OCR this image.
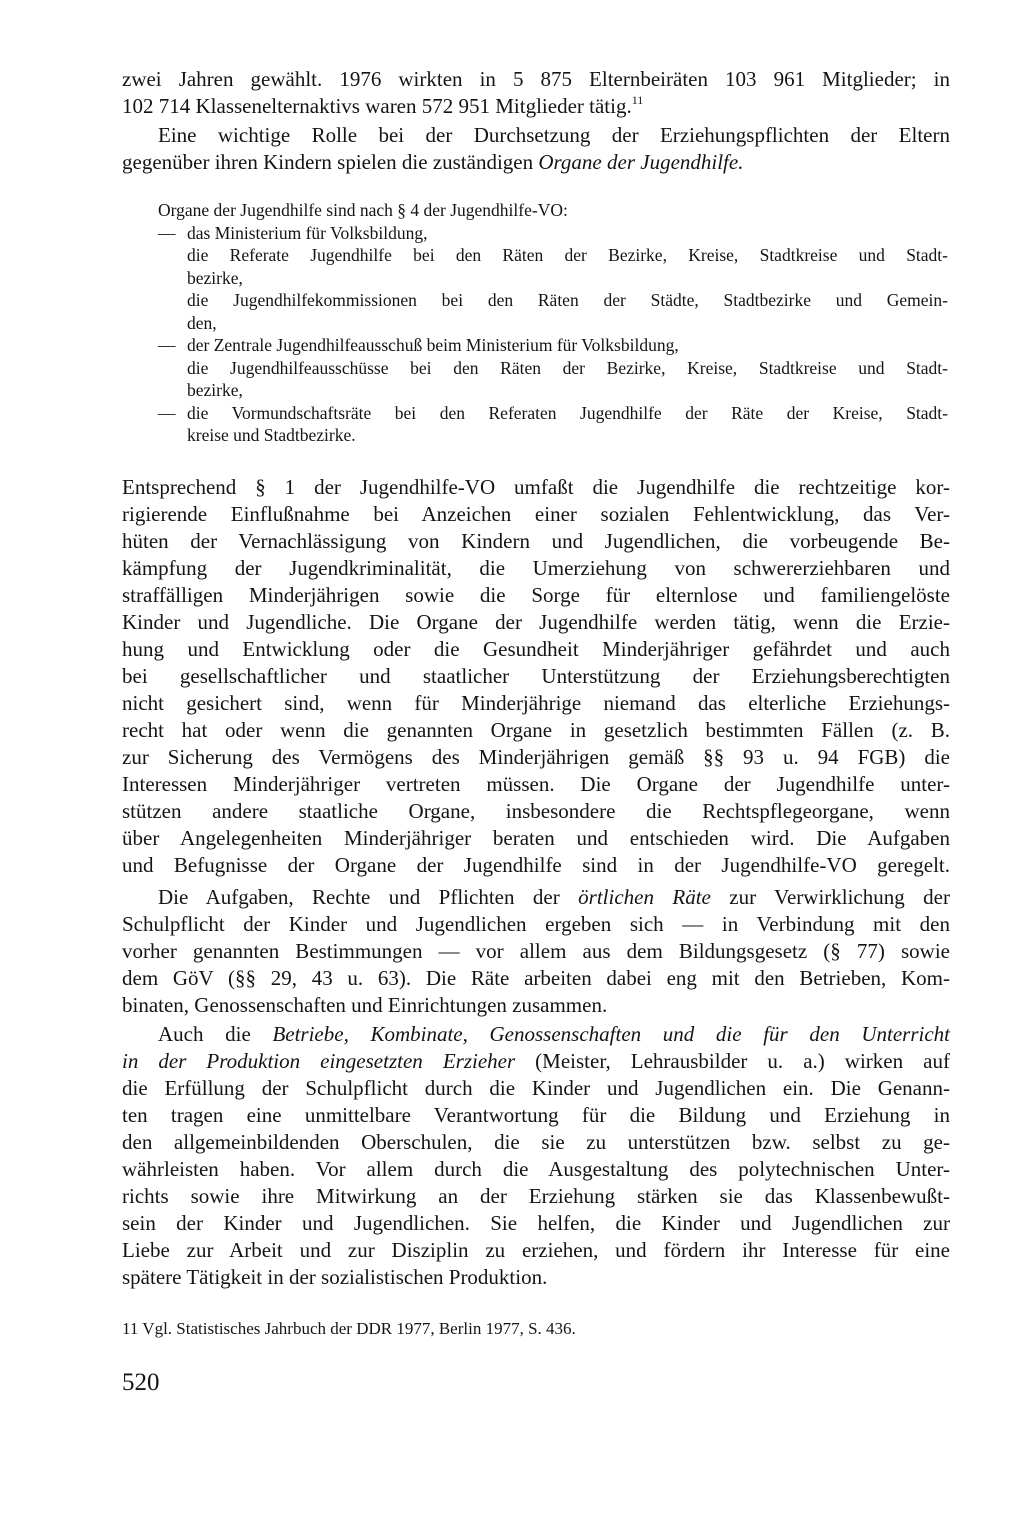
zwei Jahren gewählt. 1976 wirkten in 5 875 Elternbeiräten 103 961 Mitglieder; in
102 714 Klassenelternaktivs waren 572 951 Mitglieder tätig.$^{11}$
Eine wichtige Rolle bei der Durchsetzung der Erziehungspflichten der Eltern
gegenüber ihren Kindern spielen die zuständigen Organe der Jugendhilfe.
Organe der Jugendhilfe sind nach § 4 der Jugendhilfe-VO:
— das Ministerium für Volksbildung,
die Referate Jugendhilfe bei den Räten der Bezirke, Kreise, Stadtkreise und Stadt-
bezirke,
die Jugendhilfekommissionen bei den Räten der Städte, Stadtbezirke und Gemein-
den,
— der Zentrale Jugendhilfeausschuß beim Ministerium für Volksbildung,
die Jugendhilfeausschüsse bei den Räten der Bezirke, Kreise, Stadtkreise und Stadt-
bezirke,
— die Vormundschaftsräte bei den Referaten Jugendhilfe der Räte der Kreise, Stadt-
kreise und Stadtbezirke.
Entsprechend § 1 der Jugendhilfe-VO umfaßt die Jugendhilfe die rechtzeitige kor-
rigierende Einflußnahme bei Anzeichen einer sozialen Fehlentwicklung, das Ver-
hüten der Vernachlässigung von Kindern und Jugendlichen, die vorbeugende Be-
kämpfung der Jugendkriminalität, die Umerziehung von schwererziehbaren und
straffälligen Minderjährigen sowie die Sorge für elternlose und familiengelöste
Kinder und Jugendliche. Die Organe der Jugendhilfe werden tätig, wenn die Erzie-
hung und Entwicklung oder die Gesundheit Minderjähriger gefährdet und auch
bei gesellschaftlicher und staatlicher Unterstützung der Erziehungsberechtigten
nicht gesichert sind, wenn für Minderjährige niemand das elterliche Erziehungs-
recht hat oder wenn die genannten Organe in gesetzlich bestimmten Fällen (z. B.
zur Sicherung des Vermögens des Minderjährigen gemäß §§ 93 u. 94 FGB) die
Interessen Minderjähriger vertreten müssen. Die Organe der Jugendhilfe unter-
stützen andere staatliche Organe, insbesondere die Rechtspflegeorgane, wenn
über Angelegenheiten Minderjähriger beraten und entschieden wird. Die Aufgaben
und Befugnisse der Organe der Jugendhilfe sind in der Jugendhilfe-VO geregelt.
Die Aufgaben, Rechte und Pflichten der örtlichen Räte zur Verwirklichung der
Schulpflicht der Kinder und Jugendlichen ergeben sich — in Verbindung mit den
vorher genannten Bestimmungen — vor allem aus dem Bildungsgesetz (§ 77) sowie
dem GöV (§§ 29, 43 u. 63). Die Räte arbeiten dabei eng mit den Betrieben, Kom-
binaten, Genossenschaften und Einrichtungen zusammen.
Auch die Betriebe, Kombinate, Genossenschaften und die für den Unterricht
in der Produktion eingesetzten Erzieher (Meister, Lehrausbilder u. a.) wirken auf
die Erfüllung der Schulpflicht durch die Kinder und Jugendlichen ein. Die Genann-
ten tragen eine unmittelbare Verantwortung für die Bildung und Erziehung in
den allgemeinbildenden Oberschulen, die sie zu unterstützen bzw. selbst zu ge-
währleisten haben. Vor allem durch die Ausgestaltung des polytechnischen Unter-
richts sowie ihre Mitwirkung an der Erziehung stärken sie das Klassenbewußt-
sein der Kinder und Jugendlichen. Sie helfen, die Kinder und Jugendlichen zur
Liebe zur Arbeit und zur Disziplin zu erziehen, und fördern ihr Interesse für eine
spätere Tätigkeit in der sozialistischen Produktion.
11 Vgl. Statistisches Jahrbuch der DDR 1977, Berlin 1977, S. 436.
520
